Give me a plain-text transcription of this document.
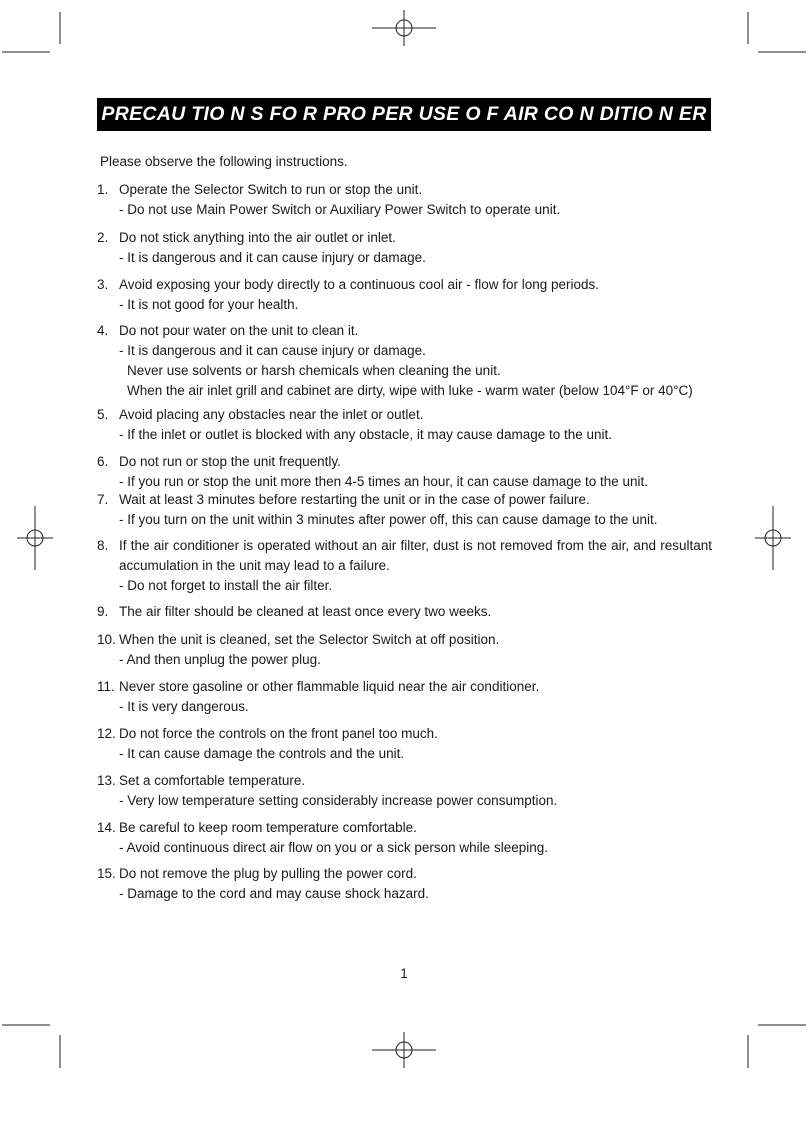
PRECAU TIO N S FO R PRO PER USE O F AIR CO N DITIO N ER
Please observe the following instructions.
1. Operate the Selector Switch to run or stop the unit.
- Do not use Main Power Switch or Auxiliary Power Switch to operate unit.
2. Do not stick anything into the air outlet or inlet.
- It is dangerous and it can cause injury or damage.
3. Avoid exposing your body directly to a continuous cool air - flow for long periods.
- It is not good for your health.
4. Do not pour water on the unit to clean it.
- It is dangerous and it can cause injury or damage.
Never use solvents or harsh chemicals when cleaning the unit.
When the air inlet grill and cabinet are dirty, wipe with luke - warm water (below 104°F or 40°C)
5. Avoid placing any obstacles near the inlet or outlet.
- If the inlet or outlet is blocked with any obstacle, it may cause damage to the unit.
6. Do not run or stop the unit frequently.
- If you run or stop the unit more then 4-5 times an hour, it can cause damage to the unit.
7. Wait at least 3 minutes before restarting the unit or in the case of power failure.
- If you turn on the unit within 3 minutes after power off, this can cause damage to the unit.
8. If the air conditioner is operated without an air filter, dust is not removed from the air, and resultant accumulation in the unit may lead to a failure.
- Do not forget to install the air filter.
9. The air filter should be cleaned at least once every two weeks.
10. When the unit is cleaned, set the Selector Switch at off position.
- And then unplug the power plug.
11. Never store gasoline or other flammable liquid near the air conditioner.
- It is very dangerous.
12. Do not force the controls on the front panel too much.
- It can cause damage the controls and the unit.
13. Set a comfortable temperature.
- Very low temperature setting considerably increase power consumption.
14. Be careful to keep room temperature comfortable.
- Avoid continuous direct air flow on you or a sick person while sleeping.
15. Do not remove the plug by pulling the power cord.
- Damage to the cord and may cause shock hazard.
1
